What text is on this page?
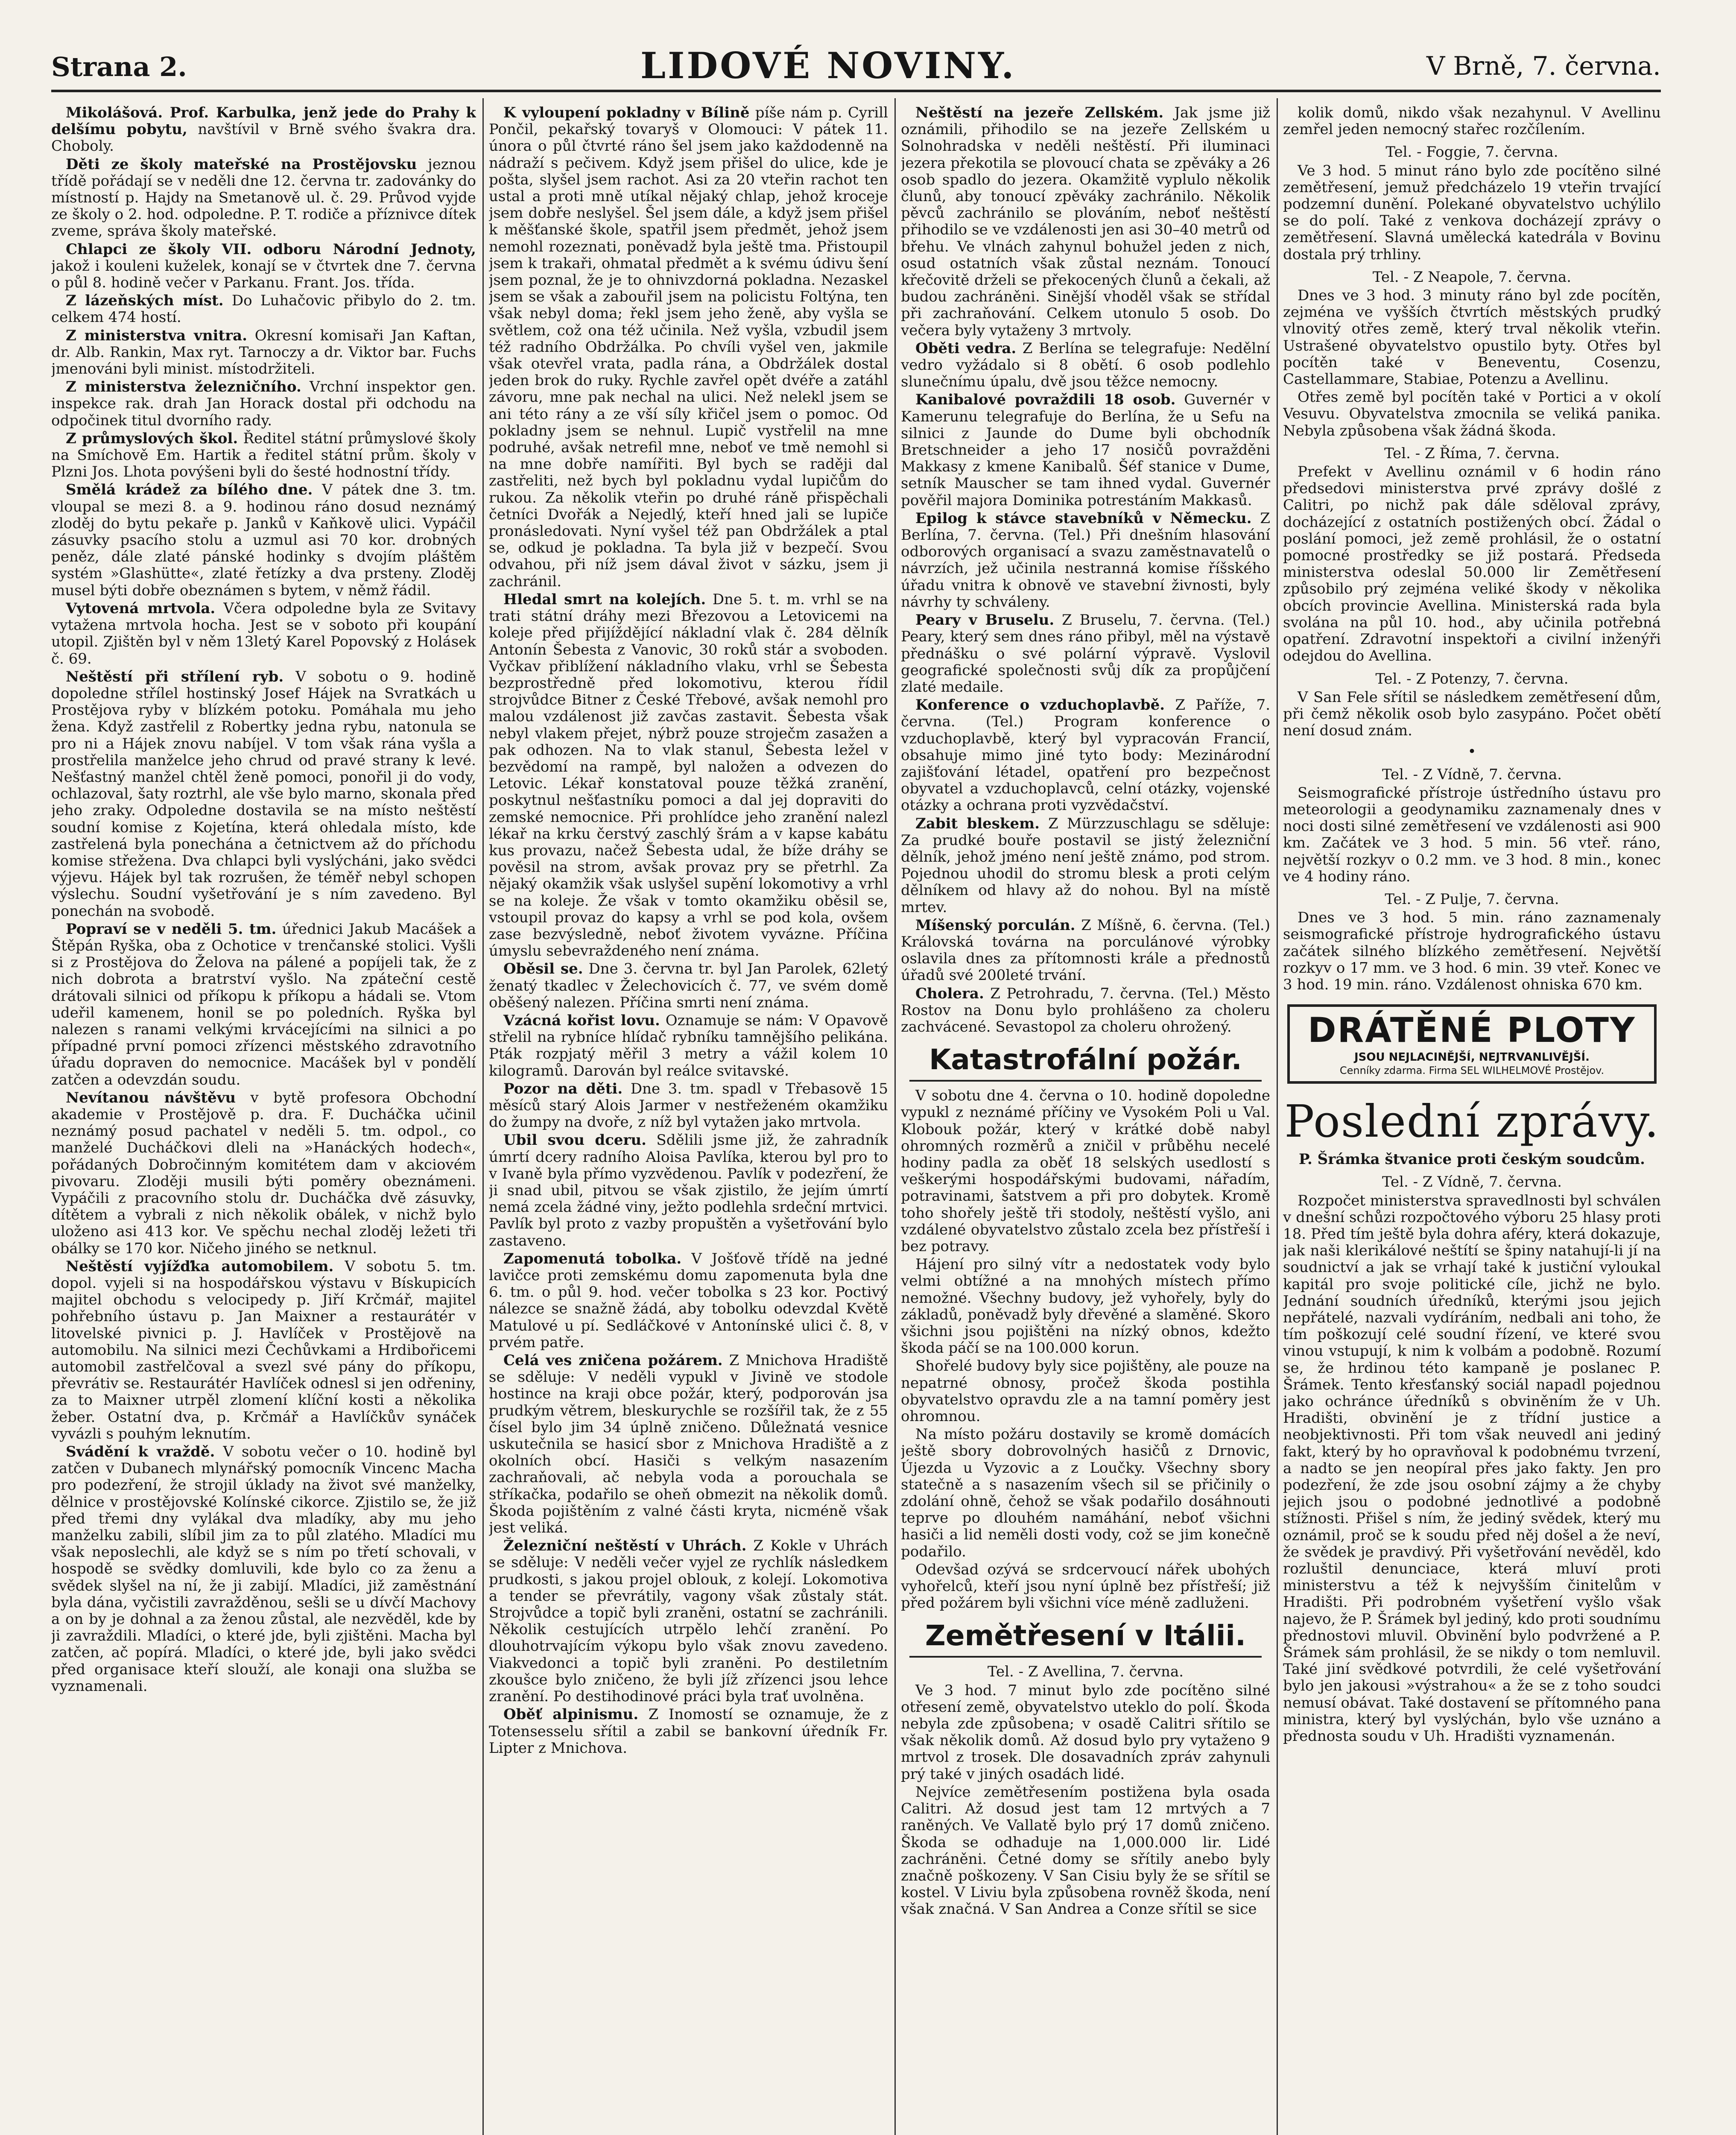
Strana 2.	LIDOVÉ NOVINY.	V Brně, 7. června.

Mikolášová. Prof. Karbulka, jenž jede do Prahy k delšímu pobytu, navštívil v Brně svého švakra dra. Choboly.

Děti ze školy mateřské na Prostějovsku jeznou třídě pořádají se v neděli dne 12. června tr. zadovánky do místností p. Hajdy na Smetanově ul. č. 29. Průvod vyjde ze školy o 2. hod. odpoledne. P. T. rodiče a příznivce dítek zveme, správa školy mateřské.

Chlapci ze školy VII. odboru Národní Jednoty, jakož i kouleni kuželek, konají se v čtvrtek dne 7. června o půl 8. hodině večer v Parkanu. Frant. Jos. třída.

Z lázeňských míst. Do Luhačovic přibylo do 2. tm. celkem 474 hostí.

Z ministerstva vnitra. Okresní komisaři Jan Kaftan, dr. Alb. Rankin, Max ryt. Tarnoczy a dr. Viktor bar. Fuchs jmenováni byli minist. místodržiteli.

Z ministerstva železničního. Vrchní inspektor gen. inspekce rak. drah Jan Horack dostal při odchodu na odpočinek titul dvorního rady.

Z průmyslových škol. Ředitel státní průmyslové školy na Smíchově Em. Hartik a ředitel státní prům. školy v Plzni Jos. Lhota povýšeni byli do šesté hodnostní třídy.

Smělá krádež za bílého dne. V pátek dne 3. tm. vloupal se mezi 8. a 9. hodinou ráno dosud neznámý zloděj do bytu pekaře p. Janků v Kaňkově ulici. Vypáčil zásuvky psacího stolu a uzmul asi 70 kor. drobných peněz, dále zlaté pánské hodinky s dvojím pláštěm systém »Glashütte«, zlaté řetízky a dva prsteny. Zloděj musel býti dobře obeznámen s bytem, v němž řádil.

Vytovená mrtvola. Včera odpoledne byla ze Svitavy vytažena mrtvola hocha. Jest se v soboto při koupání utopil. Zjištěn byl v něm 13letý Karel Popovský z Holásek č. 69.

Neštěstí při střílení ryb. V sobotu o 9. hodině dopoledne střílel hostinský Josef Hájek na Svratkách u Prostějova ryby v blízkém potoku. Pomáhala mu jeho žena. Když zastřelil z Robertky jedna rybu, natonula se pro ni a Hájek znovu nabíjel. V tom však rána vyšla a prostřelila manželce jeho chrud od pravé strany k levé. Nešťastný manžel chtěl ženě pomoci, ponořil ji do vody, ochlazoval, šaty roztrhl, ale vše bylo marno, skonala před jeho zraky. Odpoledne dostavila se na místo neštěstí soudní komise z Kojetína, která ohledala místo, kde zastřelená byla ponechána a četnictvem až do příchodu komise střežena. Dva chlapci byli vyslýcháni, jako svědci výjevu. Hájek byl tak rozrušen, že téměř nebyl schopen výslechu. Soudní vyšetřování je s ním zavedeno. Byl ponechán na svobodě.

Popraví se v neděli 5. tm. úřednici Jakub Macášek a Štěpán Ryška, oba z Ochotice v trenčanské stolici. Vyšli si z Prostějova do Želova na pálené a popíjeli tak, že z nich dobrota a bratrství vyšlo. Na zpáteční cestě drátovali silnici od příkopu k příkopu a hádali se. Vtom udeřil kamenem, honil se po poledních. Ryška byl nalezen s ranami velkými krvácejícími na silnici a po případné první pomoci zřízenci městského zdravotního úřadu dopraven do nemocnice. Macášek byl v pondělí zatčen a odevzdán soudu.

Nevítanou návštěvu v bytě profesora Obchodní akademie v Prostějově p. dra. F. Ducháčka učinil neznámý posud pachatel v neděli 5. tm. odpol., co manželé Ducháčkovi dleli na »Hanáckých hodech«, pořádaných Dobročinným komitétem dam v akciovém pivovaru. Zloději musili býti poměry obeznámeni. Vypáčili z pracovního stolu dr. Ducháčka dvě zásuvky, dítětem a vybrali z nich několik obálek, v nichž bylo uloženo asi 413 kor. Ve spěchu nechal zloděj ležeti tři obálky se 170 kor. Ničeho jiného se netknul.

Neštěstí vyjížďka automobilem. V sobotu 5. tm. dopol. vyjeli si na hospodářskou výstavu v Bískupicích majitel obchodu s velocipedy p. Jiří Krčmář, majitel pohřebního ústavu p. Jan Maixner a restaurátér v litovelské pivnici p. J. Havlíček v Prostějově na automobilu. Na silnici mezi Čechůvkami a Hrdibořicemi automobil zastřelčoval a svezl své pány do příkopu, převrátiv se. Restaurátér Havlíček odnesl si jen odřeniny, za to Maixner utrpěl zlomení klíční kosti a několika žeber. Ostatní dva, p. Krčmář a Havlíčkův synáček vyvázli s pouhým leknutím.

Svádění k vraždě. V sobotu večer o 10. hodině byl zatčen v Dubanech mlynářský pomocník Vincenc Macha pro podezření, že strojil úklady na život své manželky, dělnice v prostějovské Kolínské cikorce. Zjistilo se, že již před třemi dny vylákal dva mladíky, aby mu jeho manželku zabili, slíbil jim za to půl zlatého. Mladíci mu však neposlechli, ale když se s ním po třetí schovali, v hospodě se svědky domluvili, kde bylo co za ženu a svědek slyšel na ní, že ji zabijí. Mladíci, již zaměstnání byla dána, vyčistili zavražděnou, sešli se u dívčí Machovy a on by je dohnal a za ženou zůstal, ale nezvěděl, kde by ji zavraždili. Mladíci, o které jde, byli zjištěni. Macha byl zatčen, ač popírá. Mladíci, o které jde, byli jako svědci před organisace kteří slouží, ale konaji ona služba se vyznamenali.

K vyloupení pokladny v Bílině píše nám p. Cyrill Pončil, pekařský tovaryš v Olomouci: V pátek 11. února o půl čtvrté ráno šel jsem jako každodenně na nádraží s pečivem. Když jsem přišel do ulice, kde je pošta, slyšel jsem rachot. Asi za 20 vteřin rachot ten ustal a proti mně utíkal nějaký chlap, jehož kroceje jsem dobře neslyšel. Šel jsem dále, a když jsem přišel k měšťanské škole, spatřil jsem předmět, jehož jsem nemohl rozeznati, poněvadž byla ještě tma. Přistoupil jsem k trakaři, ohmatal předmět a k svému údivu šení jsem poznal, že je to ohnivzdorná pokladna. Nezaskel jsem se však a zabouřil jsem na policistu Foltýna, ten však nebyl doma; řekl jsem jeho ženě, aby vyšla se světlem, což ona též učinila. Než vyšla, vzbudil jsem též radního Obdržálka. Po chvíli vyšel ven, jakmile však otevřel vrata, padla rána, a Obdržálek dostal jeden brok do ruky. Rychle zavřel opět dvéře a zatáhl závoru, mne pak nechal na ulici. Než nelekl jsem se ani této rány a ze vší síly křičel jsem o pomoc. Od pokladny jsem se nehnul. Lupič vystřelil na mne podruhé, avšak netrefil mne, neboť ve tmě nemohl si na mne dobře namířiti. Byl bych se raději dal zastřeliti, než bych byl pokladnu vydal lupičům do rukou. Za několik vteřin po druhé ráně přispěchali četníci Dvořák a Nejedlý, kteří hned jali se lupiče pronásledovati. Nyní vyšel též pan Obdržálek a ptal se, odkud je pokladna. Ta byla již v bezpečí. Svou odvahou, při níž jsem dával život v sázku, jsem ji zachránil.

Hledal smrt na kolejích. Dne 5. t. m. vrhl se na trati státní dráhy mezi Březovou a Letovicemi na koleje před přijíždějící nákladní vlak č. 284 dělník Antonín Šebesta z Vanovic, 30 roků stár a svoboden. Vyčkav přiblížení nákladního vlaku, vrhl se Šebesta bezprostředně před lokomotivu, kterou řídil strojvůdce Bitner z České Třebové, avšak nemohl pro malou vzdálenost již zavčas zastavit. Šebesta však nebyl vlakem přejet, nýbrž pouze stroječm zasažen a pak odhozen. Na to vlak stanul, Šebesta ležel v bezvědomí na rampě, byl naložen a odvezen do Letovic. Lékař konstatoval pouze těžká zranění, poskytnul nešťastníku pomoci a dal jej dopraviti do zemské nemocnice. Při prohlídce jeho zranění nalezl lékař na krku čerstvý zaschlý šrám a v kapse kabátu kus provazu, načež Šebesta udal, že bíže dráhy se pověsil na strom, avšak provaz pry se přetrhl. Za nějaký okamžik však uslyšel supění lokomotivy a vrhl se na koleje. Že však v tomto okamžiku oběsil se, vstoupil provaz do kapsy a vrhl se pod kola, ovšem zase bezvýsledně, neboť životem vyvázne. Příčina úmyslu sebevraždeného není známa.

Oběsil se. Dne 3. června tr. byl Jan Parolek, 62letý ženatý tkadlec v Želechovicích č. 77, ve svém domě oběšený nalezen. Příčina smrti není známa.

Vzácná kořist lovu. Oznamuje se nám: V Opavově střelil na rybníce hlídač rybníku tamnějšího pelikána. Pták rozpjatý měřil 3 metry a vážil kolem 10 kilogramů. Darován byl reálce svitavské.

Pozor na děti. Dne 3. tm. spadl v Třebasově 15 měsíců starý Alois Jarmer v nestřeženém okamžiku do žumpy na dvoře, z níž byl vytažen jako mrtvola.

Ubil svou dceru. Sdělili jsme již, že zahradník úmrtí dcery radního Aloisa Pavlíka, kterou byl pro to v Ivaně byla přímo vyzvědenou. Pavlík v podezření, že ji snad ubil, pitvou se však zjistilo, že jejím úmrtí nemá zcela žádné viny, ježto podlehla srdeční mrtvici. Pavlík byl proto z vazby propuštěn a vyšetřování bylo zastaveno.

Zapomenutá tobolka. V Jošťově třídě na jedné lavičce proti zemskému domu zapomenuta byla dne 6. tm. o půl 9. hod. večer tobolka s 23 kor. Poctivý nálezce se snažně žádá, aby tobolku odevzdal Květě Matulové u pí. Sedláčkové v Antonínské ulici č. 8, v prvém patře.

Celá ves zničena požárem. Z Mnichova Hradiště se sděluje: V neděli vypukl v Jivině ve stodole hostince na kraji obce požár, který, podporován jsa prudkým větrem, bleskurychle se rozšířil tak, že z 55 čísel bylo jim 34 úplně zničeno. Důležnatá vesnice uskutečnila se hasicí sbor z Mnichova Hradiště a z okolních obcí. Hasiči s velkým nasazením zachraňovali, ač nebyla voda a porouchala se stříkačka, podařilo se oheň obmezit na několik domů. Škoda pojištěním z valné části kryta, nicméně však jest veliká.

Železniční neštěstí v Uhrách. Z Kokle v Uhrách se sděluje: V neděli večer vyjel ze rychlík následkem prudkosti, s jakou projel oblouk, z kolejí. Lokomotiva a tender se převrátily, vagony však zůstaly stát. Strojvůdce a topič byli zraněni, ostatní se zachránili. Několik cestujících utrpělo lehčí zranění. Po dlouhotrvajícím výkopu bylo však znovu zavedeno. Viakvedonci a topič byli zraněni. Po destiletním zkoušce bylo zničeno, že byli jíž zřízenci jsou lehce zranění. Po destihodinové práci byla trať uvolněna.

Oběť alpinismu. Z Inomostí se oznamuje, že z Totensesselu sřítil a zabil se bankovní úředník Fr. Lipter z Mnichova.

Neštěstí na jezeře Zellském. Jak jsme již oznámili, přihodilo se na jezeře Zellském u Solnohradska v neděli neštěstí. Při iluminaci jezera překotila se plovoucí chata se zpěváky a 26 osob spadlo do jezera. Okamžitě vyplulo několik člunů, aby tonoucí zpěváky zachránilo. Několik pěvců zachránilo se plováním, neboť neštěstí přihodilo se ve vzdálenosti jen asi 30–40 metrů od břehu. Ve vlnách zahynul bohužel jeden z nich, osud ostatních však zůstal neznám. Tonoucí křečovitě drželi se překocených člunů a čekali, až budou zachráněni. Sinější vhoděl však se střídal při zachraňování. Celkem utonulo 5 osob. Do večera byly vytaženy 3 mrtvoly.

Oběti vedra. Z Berlína se telegrafuje: Nedělní vedro vyžádalo si 8 obětí. 6 osob podlehlo slunečnímu úpalu, dvě jsou těžce nemocny.

Kanibalové povraždili 18 osob. Guvernér v Kamerunu telegrafuje do Berlína, že u Sefu na silnici z Jaunde do Dume byli obchodník Bretschneider a jeho 17 nosičů povražděni Makkasy z kmene Kanibalů. Šéf stanice v Dume, setník Mauscher se tam ihned vydal. Guvernér pověřil majora Dominika potrestáním Makkasů.

Epilog k stávce stavebníků v Německu. Z Berlína, 7. června. (Tel.) Při dnešním hlasování odborových organisací a svazu zaměstnavatelů o návrzích, jež učinila nestranná komise říšského úřadu vnitra k obnově ve stavební živnosti, byly návrhy ty schváleny.

Peary v Bruselu. Z Bruselu, 7. června. (Tel.) Peary, který sem dnes ráno přibyl, měl na výstavě přednášku o své polární výpravě. Vyslovil geografické společnosti svůj dík za propůjčení zlaté medaile.

Konference o vzduchoplavbě. Z Paříže, 7. června. (Tel.) Program konference o vzduchoplavbě, který byl vypracován Francií, obsahuje mimo jiné tyto body: Mezinárodní zajišťování létadel, opatření pro bezpečnost obyvatel a vzduchoplavců, celní otázky, vojenské otázky a ochrana proti vyzvědačství.

Zabit bleskem. Z Mürzzuschlagu se sděluje: Za prudké bouře postavil se jistý železniční dělník, jehož jméno není ještě známo, pod strom. Pojednou uhodil do stromu blesk a proti celým dělníkem od hlavy až do nohou. Byl na místě mrtev.

Míšenský porculán. Z Míšně, 6. června. (Tel.) Královská továrna na porculánové výrobky oslavila dnes za přítomnosti krále a přednostů úřadů své 200leté trvání.

Cholera. Z Petrohradu, 7. června. (Tel.) Město Rostov na Donu bylo prohlášeno za choleru zachvácené. Sevastopol za choleru ohrožený.

Katastrofální požár.

V sobotu dne 4. června o 10. hodině dopoledne vypukl z neznámé příčiny ve Vysokém Poli u Val. Klobouk požár, který v krátké době nabyl ohromných rozměrů a zničil v průběhu necelé hodiny padla za oběť 18 selských usedlostí s veškerými hospodářskými budovami, nářadím, potravinami, šatstvem a při pro dobytek. Kromě toho shořely ještě tři stodoly, neštěstí vyšlo, ani vzdálené obyvatelstvo zůstalo zcela bez přístřeší i bez potravy.

Hájení pro silný vítr a nedostatek vody bylo velmi obtížné a na mnohých místech přímo nemožné. Všechny budovy, jež vyhořely, byly do základů, poněvadž byly dřevěné a slaměné. Skoro všichni jsou pojištěni na nízký obnos, kdežto škoda páčí se na 100.000 korun.

Shořelé budovy byly sice pojištěny, ale pouze na nepatrné obnosy, pročež škoda postihla obyvatelstvo opravdu zle a na tamní poměry jest ohromnou.

Na místo požáru dostavily se kromě domácích ještě sbory dobrovolných hasičů z Drnovic, Újezda u Vyzovic a z Loučky. Všechny sbory statečně a s nasazením všech sil se přičinily o zdolání ohně, čehož se však podařilo dosáhnouti teprve po dlouhém namáhání, neboť všichni hasiči a lid neměli dosti vody, což se jim konečně podařilo.

Odevšad ozývá se srdcervoucí nářek ubohých vyhořelců, kteří jsou nyní úplně bez přístřeší; již před požárem byli všichni více méně zadluženi.

Zemětřesení v Itálii.

Tel. - Z Avellina, 7. června.

Ve 3 hod. 7 minut bylo zde pocítěno silné otřesení země, obyvatelstvo uteklo do polí. Škoda nebyla zde způsobena; v osadě Calitri sřítilo se však několik domů. Až dosud bylo pry vytaženo 9 mrtvol z trosek. Dle dosavadních zpráv zahynuli prý také v jiných osadách lidé.

Nejvíce zemětřesením postižena byla osada Calitri. Až dosud jest tam 12 mrtvých a 7 raněných. Ve Vallatě bylo prý 17 domů zničeno. Škoda se odhaduje na 1,000.000 lir. Lidé zachráněni. Četné domy se sřítily anebo byly značně poškozeny. V San Cisiu byly že se sřítil se kostel. V Liviu byla způsobena rovněž škoda, není však značná. V San Andrea a Conze sřítil se sice

kolik domů, nikdo však nezahynul. V Avellinu zemřel jeden nemocný stařec rozčílením.

Tel. - Foggie, 7. června.

Ve 3 hod. 5 minut ráno bylo zde pocítěno silné zemětřesení, jemuž předcházelo 19 vteřin trvající podzemní dunění. Polekané obyvatelstvo uchýlilo se do polí. Také z venkova docházejí zprávy o zemětřesení. Slavná umělecká katedrála v Bovinu dostala prý trhliny.

Tel. - Z Neapole, 7. června.

Dnes ve 3 hod. 3 minuty ráno byl zde pocítěn, zejména ve vyšších čtvrtích městských prudký vlnovitý otřes země, který trval několik vteřin. Ustrašené obyvatelstvo opustilo byty. Otřes byl pocítěn také v Beneventu, Cosenzu, Castellammare, Stabiae, Potenzu a Avellinu.

Otřes země byl pocítěn také v Portici a v okolí Vesuvu. Obyvatelstva zmocnila se veliká panika. Nebyla způsobena však žádná škoda.

Tel. - Z Říma, 7. června.

Prefekt v Avellinu oznámil v 6 hodin ráno předsedovi ministerstva prvé zprávy došlé z Calitri, po nichž pak dále sděloval zprávy, docházející z ostatních postižených obcí. Žádal o poslání pomoci, jež země prohlásil, že o ostatní pomocné prostředky se již postará. Předseda ministerstva odeslal 50.000 lir Zemětřesení způsobilo prý zejména veliké škody v několika obcích provincie Avellina. Ministerská rada byla svolána na půl 10. hod., aby učinila potřebná opatření. Zdravotní inspektoři a civilní inženýři odejdou do Avellina.

Tel. - Z Potenzy, 7. června.

V San Fele sřítil se následkem zemětřesení dům, při čemž několik osob bylo zasypáno. Počet obětí není dosud znám.

•

Tel. - Z Vídně, 7. června.

Seismografické přístroje ústředního ústavu pro meteorologii a geodynamiku zaznamenaly dnes v noci dosti silné zemětřesení ve vzdálenosti asi 900 km. Začátek ve 3 hod. 5 min. 56 vteř. ráno, největší rozkyv o 0.2 mm. ve 3 hod. 8 min., konec ve 4 hodiny ráno.

Tel. - Z Pulje, 7. června.

Dnes ve 3 hod. 5 min. ráno zaznamenaly seismografické přístroje hydrografického ústavu začátek silného blízkého zemětřesení. Největší rozkyv o 17 mm. ve 3 hod. 6 min. 39 vteř. Konec ve 3 hod. 19 min. ráno. Vzdálenost ohniska 670 km.

DRÁTĚNÉ PLOTY
JSOU NEJLACINĚJŠÍ, NEJTRVANLIVĚJŠÍ.
Cenníky zdarma. Firma SEL WILHELMOVÉ Prostějov.
Poslední zprávy.

P. Šrámka štvanice proti českým soudcům.

Tel. - Z Vídně, 7. června.

Rozpočet ministerstva spravedlnosti byl schválen v dnešní schůzi rozpočtového výboru 25 hlasy proti 18. Před tím ještě byla dohra aféry, která dokazuje, jak naši klerikálové neštítí se špiny natahují-li jí na soudnictví a jak se vrhají také k justiční vyloukal kapitál pro svoje politické cíle, jichž ne bylo. Jednání soudních úředníků, kterými jsou jejich nepřátelé, nazvali vydíráním, nedbali ani toho, že tím poškozují celé soudní řízení, ve které svou vinou vstupují, k nim k volbám a podobně. Rozumí se, že hrdinou této kampaně je poslanec P. Šrámek. Tento křesťanský sociál napadl pojednou jako ochránce úředníků s obviněním že v Uh. Hradišti, obvinění je z třídní justice a neobjektivnosti. Při tom však neuvedl ani jediný fakt, který by ho opravňoval k podobnému tvrzení, a nadto se jen neopíral přes jako fakty. Jen pro podezření, že zde jsou osobní zájmy a že chyby jejich jsou o podobné jednotlivé a podobně stížnosti. Přišel s ním, že jediný svědek, který mu oznámil, proč se k soudu před něj došel a že neví, že svědek je pravdivý. Při vyšetřování nevěděl, kdo rozluštil denunciace, která mluví proti ministerstvu a též k nejvyšším činitelům v Hradišti. Při podrobném vyšetření vyšlo však najevo, že P. Šrámek byl jediný, kdo proti soudnímu přednostovi mluvil. Obvinění bylo podvržené a P. Šrámek sám prohlásil, že se nikdy o tom nemluvil. Také jiní svědkové potvrdili, že celé vyšetřování bylo jen jakousi »výstrahou« a že se z toho soudci nemusí obávat. Také dostavení se přítomného pana ministra, který byl vyslýchán, bylo vše uznáno a přednosta soudu v Uh. Hradišti vyznamenán.
